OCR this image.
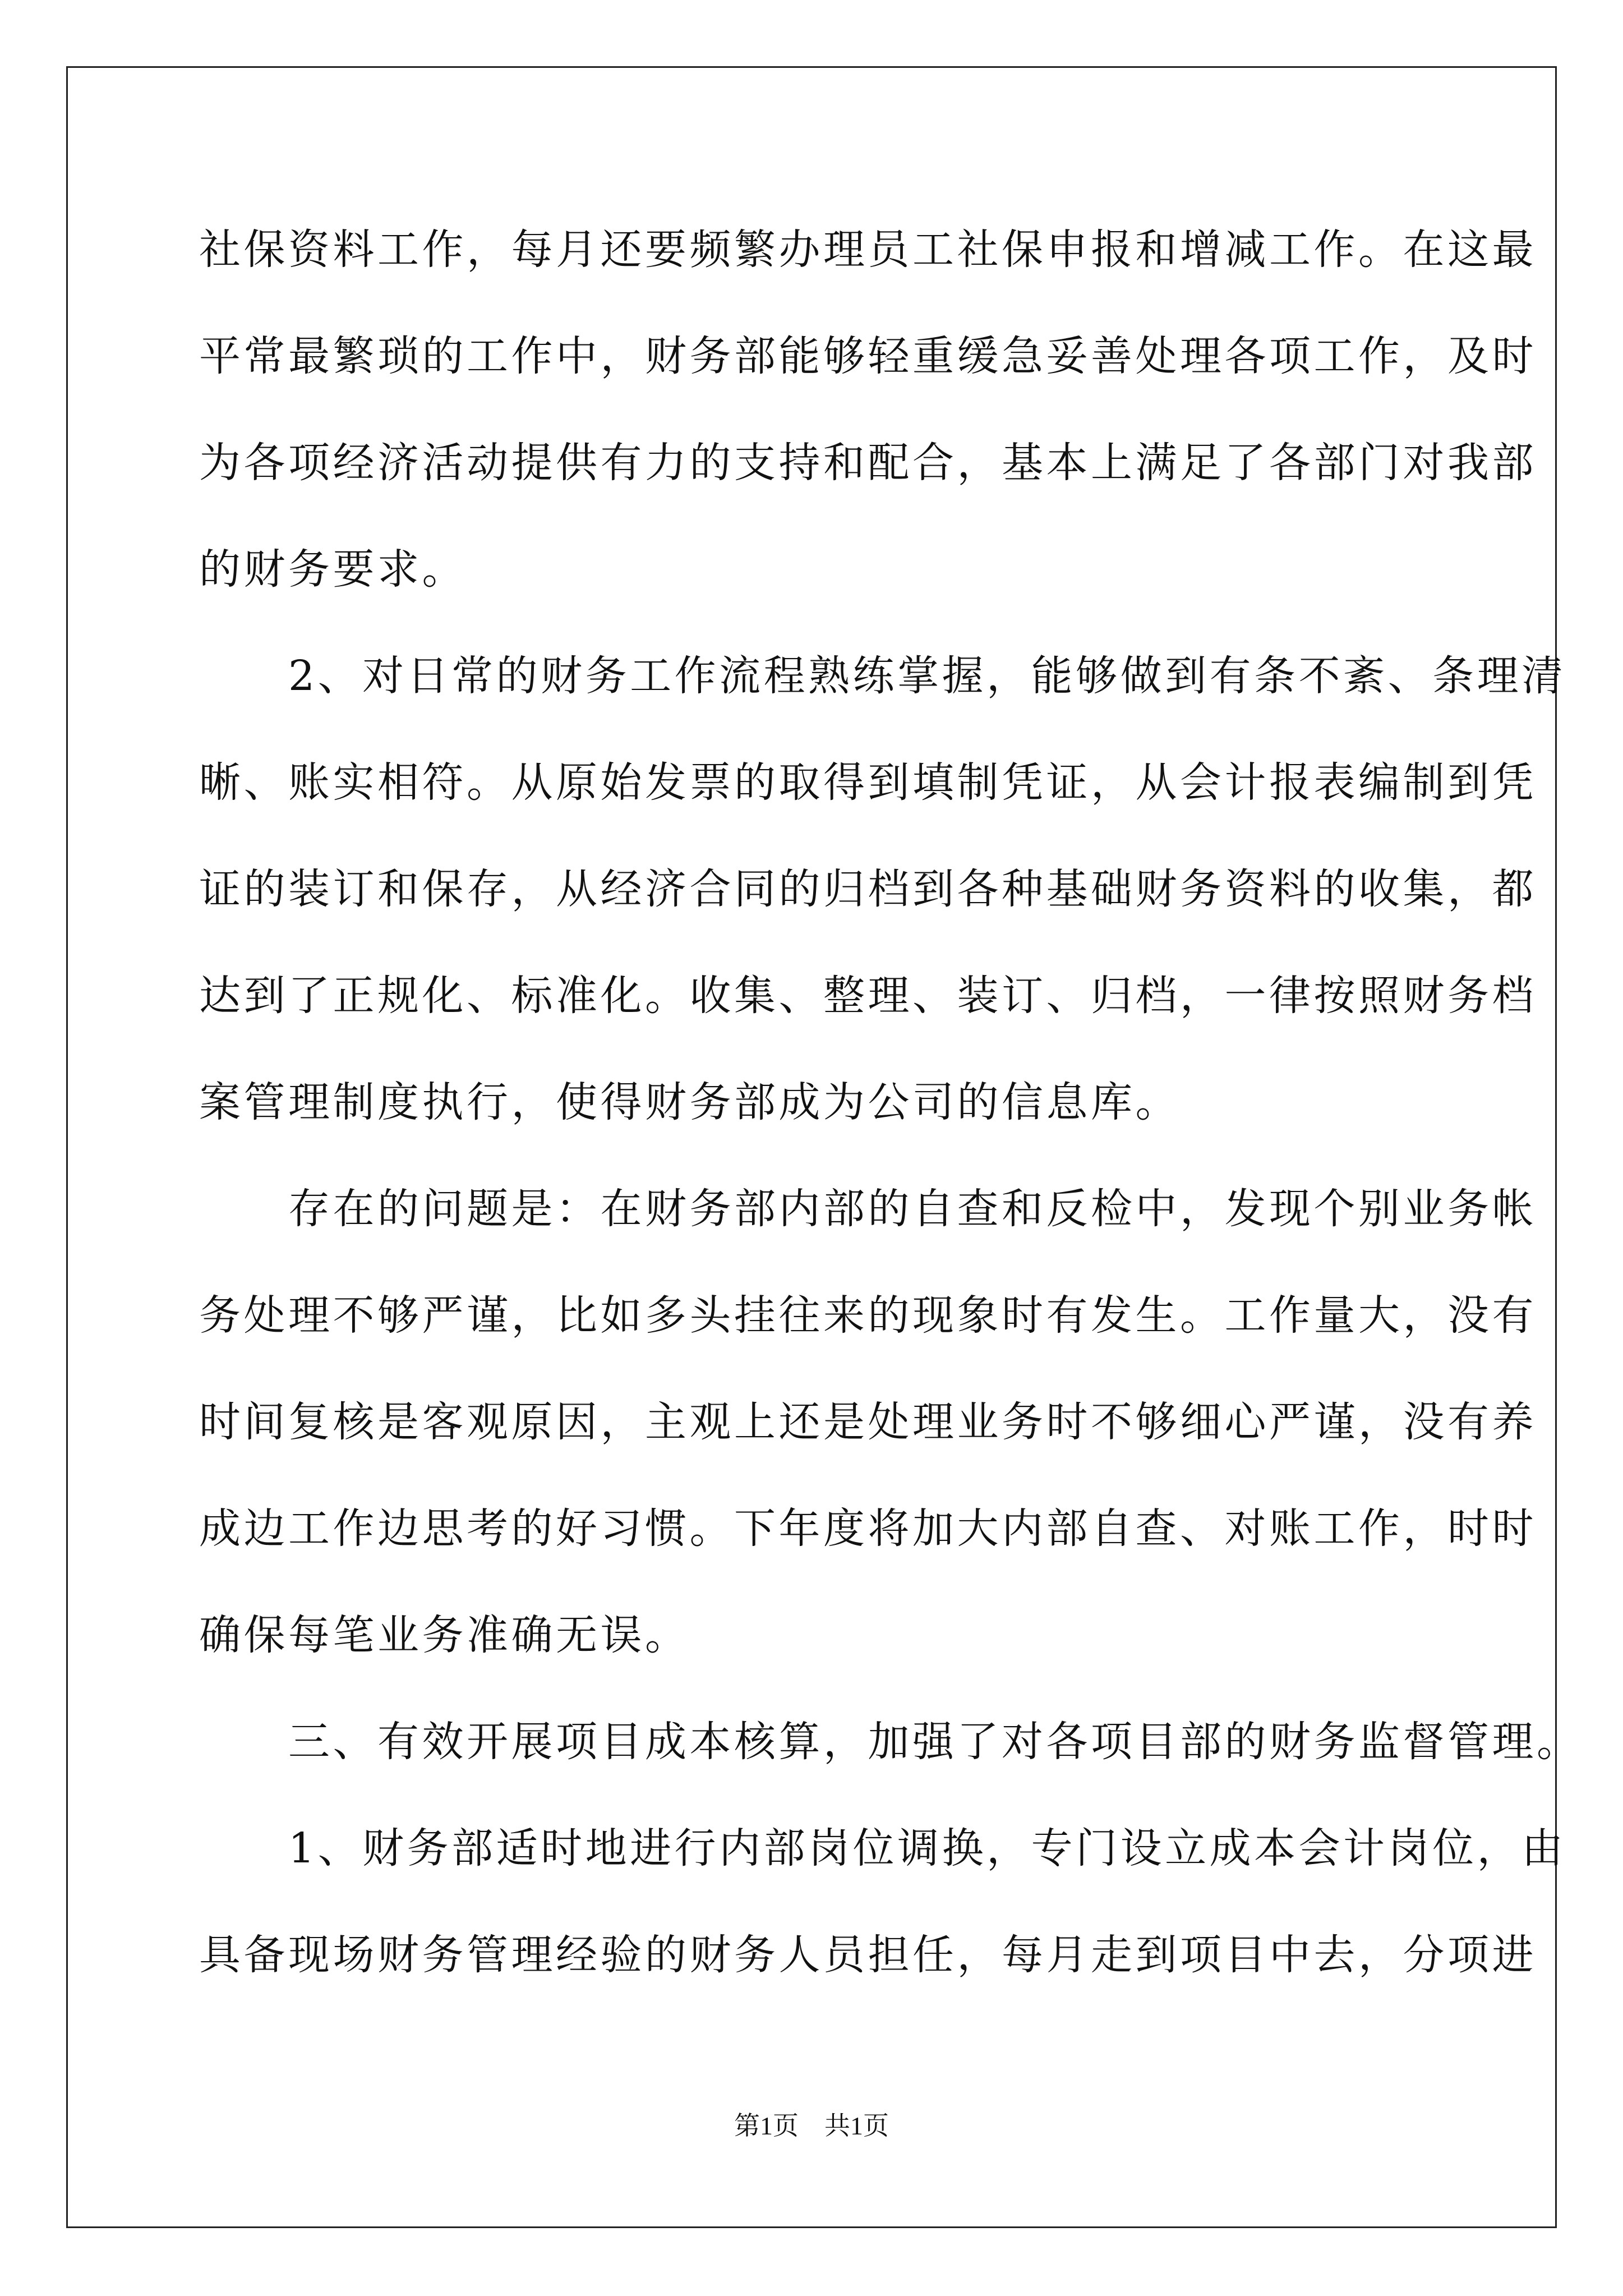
社保资料工作，每月还要频繁办理员工社保申报和增减工作。在这最

平常最繁琐的工作中，财务部能够轻重缓急妥善处理各项工作，及时

为各项经济活动提供有力的支持和配合，基本上满足了各部门对我部

的财务要求。

　　2、对日常的财务工作流程熟练掌握，能够做到有条不紊、条理清

晰、账实相符。从原始发票的取得到填制凭证，从会计报表编制到凭

证的装订和保存，从经济合同的归档到各种基础财务资料的收集，都

达到了正规化、标准化。收集、整理、装订、归档，一律按照财务档

案管理制度执行，使得财务部成为公司的信息库。

　　存在的问题是：在财务部内部的自查和反检中，发现个别业务帐

务处理不够严谨，比如多头挂往来的现象时有发生。工作量大，没有

时间复核是客观原因，主观上还是处理业务时不够细心严谨，没有养

成边工作边思考的好习惯。下年度将加大内部自查、对账工作，时时

确保每笔业务准确无误。

　　三、有效开展项目成本核算，加强了对各项目部的财务监督管理。

　　1、财务部适时地进行内部岗位调换，专门设立成本会计岗位，由

具备现场财务管理经验的财务人员担任，每月走到项目中去，分项进

第1页　共1页
